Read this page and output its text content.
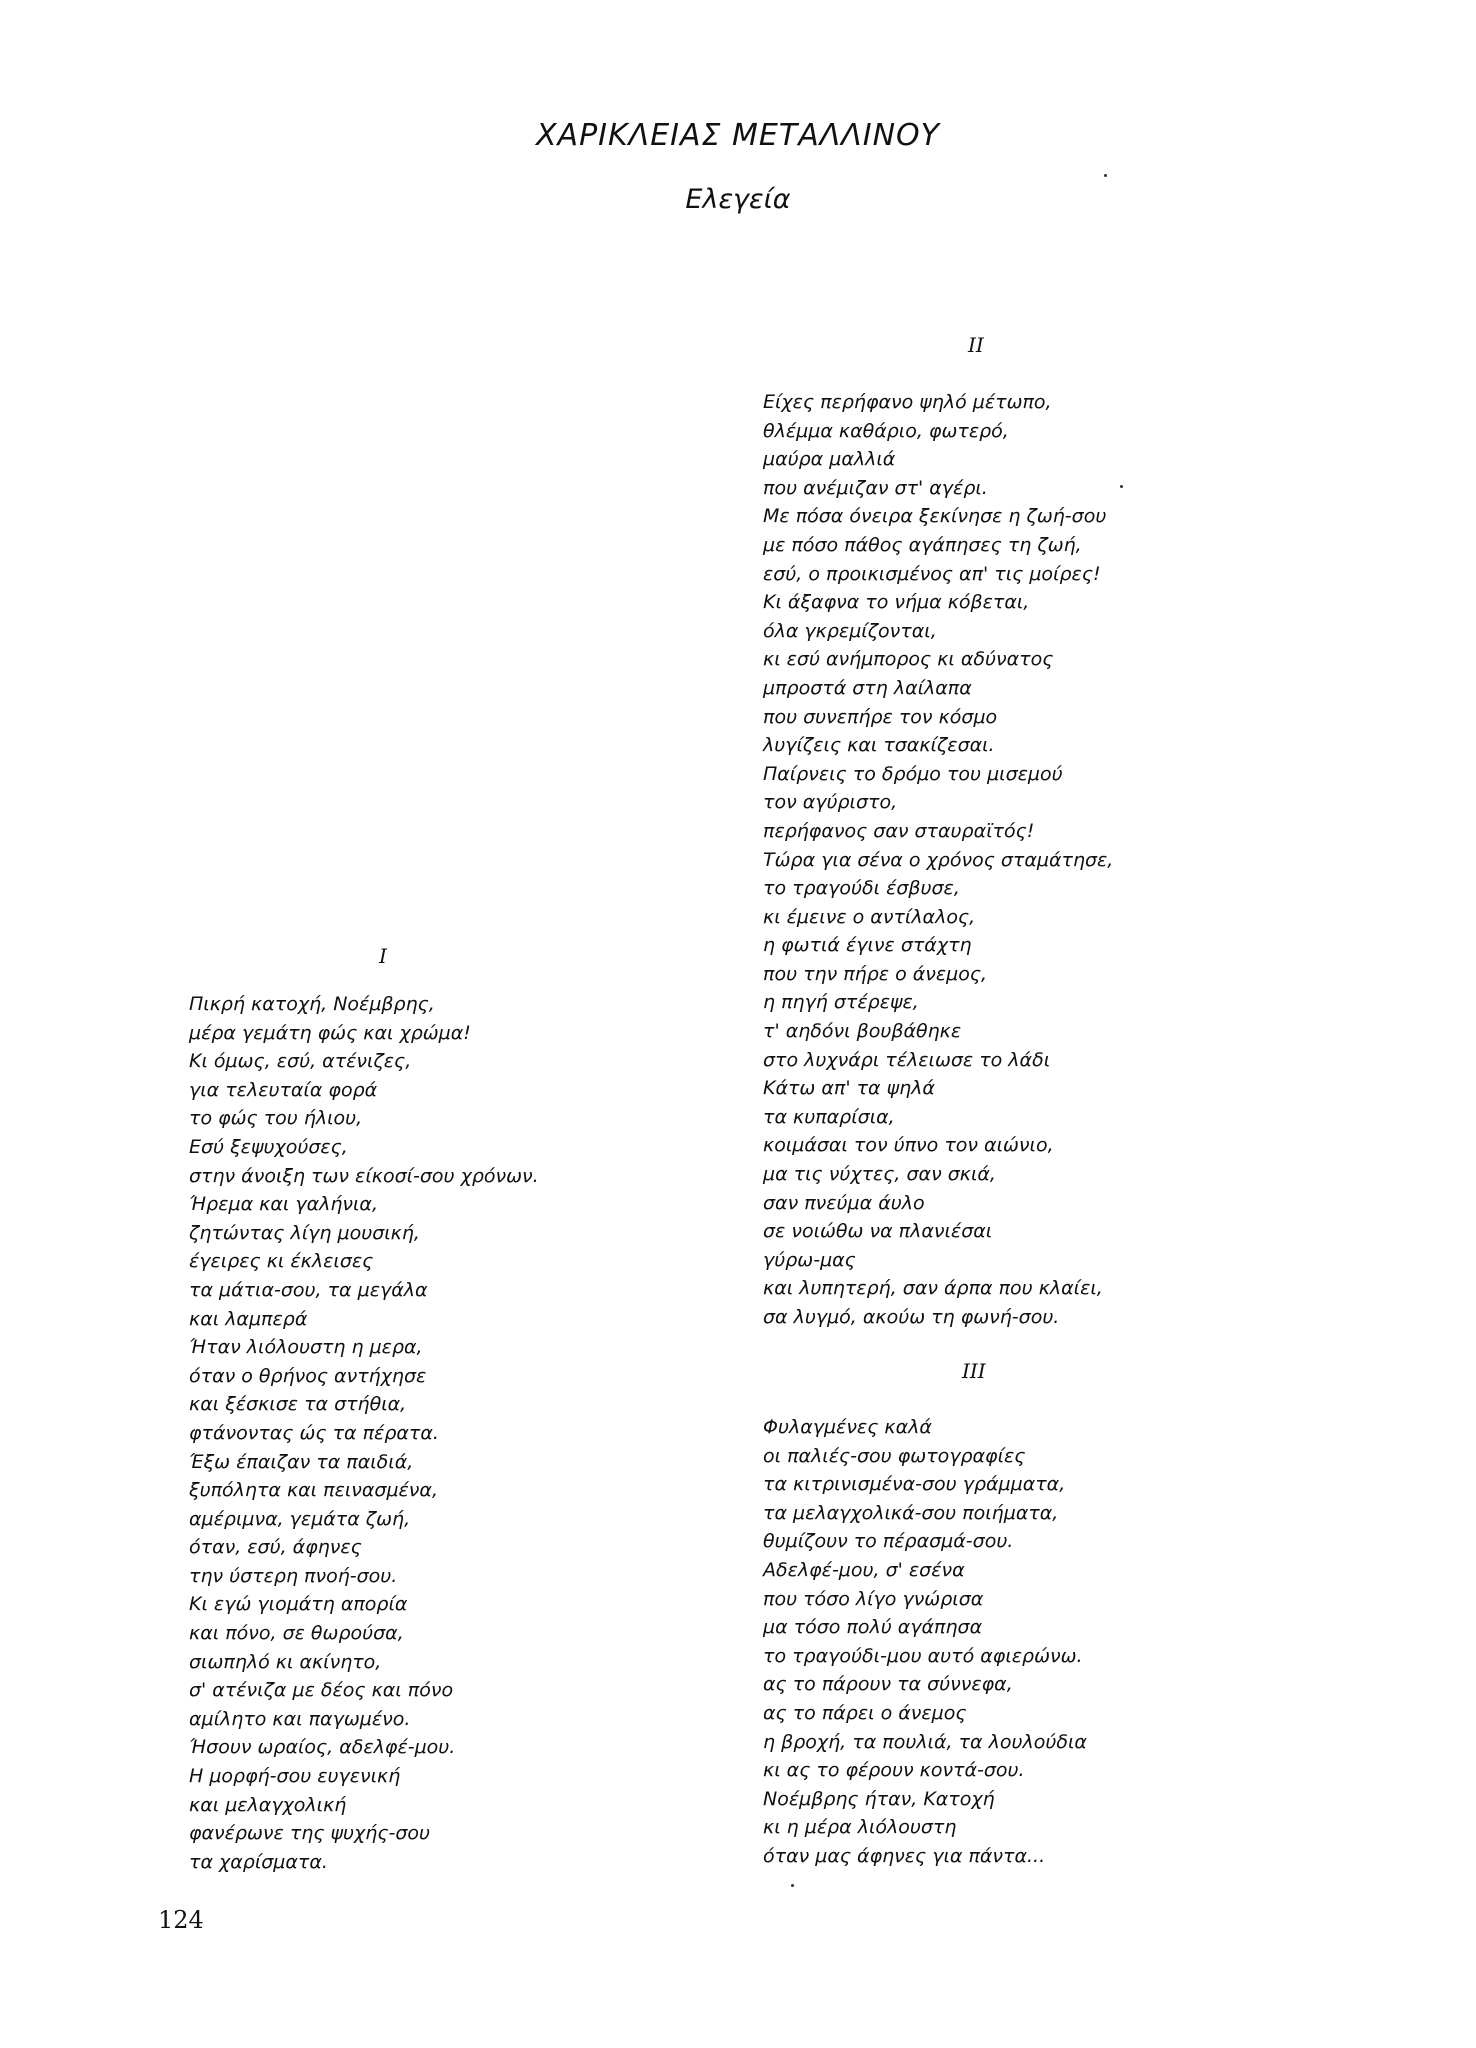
ΧΑΡΙΚΛΕΙΑΣ ΜΕΤΑΛΛΙΝΟΥ
Ελεγεία
I
Πικρή κατοχή, Νοέμβρης,
μέρα γεμάτη φώς και χρώμα!
Κι όμως, εσύ, ατένιζες,
για τελευταία φορά
το φώς του ήλιου,
Εσύ ξεψυχούσες,
στην άνοιξη των είκοσί-σου χρόνων.
Ήρεμα και γαλήνια,
ζητώντας λίγη μουσική,
έγειρες κι έκλεισες
τα μάτια-σου, τα μεγάλα
και λαμπερά
Ήταν λιόλουστη η μερα,
όταν ο θρήνος αντήχησε
και ξέσκισε τα στήθια,
φτάνοντας ώς τα πέρατα.
Έξω έπαιζαν τα παιδιά,
ξυπόλητα και πεινασμένα,
αμέριμνα, γεμάτα ζωή,
όταν, εσύ, άφηνες
την ύστερη πνοή-σου.
Κι εγώ γιομάτη απορία
και πόνο, σε θωρούσα,
σιωπηλό κι ακίνητο,
σ' ατένιζα με δέος και πόνο
αμίλητο και παγωμένο.
Ήσουν ωραίος, αδελφέ-μου.
Η μορφή-σου ευγενική
και μελαγχολική
φανέρωνε της ψυχής-σου
τα χαρίσματα.
II
Είχες περήφανο ψηλό μέτωπο,
θλέμμα καθάριο, φωτερό,
μαύρα μαλλιά
που ανέμιζαν στ' αγέρι.
Με πόσα όνειρα ξεκίνησε η ζωή-σου
με πόσο πάθος αγάπησες τη ζωή,
εσύ, ο προικισμένος απ' τις μοίρες!
Κι άξαφνα το νήμα κόβεται,
όλα γκρεμίζονται,
κι εσύ ανήμπορος κι αδύνατος
μπροστά στη λαίλαπα
που συνεπήρε τον κόσμο
λυγίζεις και τσακίζεσαι.
Παίρνεις το δρόμο του μισεμού
τον αγύριστο,
περήφανος σαν σταυραϊτός!
Τώρα για σένα ο χρόνος σταμάτησε,
το τραγούδι έσβυσε,
κι έμεινε ο αντίλαλος,
η φωτιά έγινε στάχτη
που την πήρε ο άνεμος,
η πηγή στέρεψε,
τ' αηδόνι βουβάθηκε
στο λυχνάρι τέλειωσε το λάδι
Κάτω απ' τα ψηλά
τα κυπαρίσια,
κοιμάσαι τον ύπνο τον αιώνιο,
μα τις νύχτες, σαν σκιά,
σαν πνεύμα άυλο
σε νοιώθω να πλανιέσαι
γύρω-μας
και λυπητερή, σαν άρπα που κλαίει,
σα λυγμό, ακούω τη φωνή-σου.
III
Φυλαγμένες καλά
οι παλιές-σου φωτογραφίες
τα κιτρινισμένα-σου γράμματα,
τα μελαγχολικά-σου ποιήματα,
θυμίζουν το πέρασμά-σου.
Αδελφέ-μου, σ' εσένα
που τόσο λίγο γνώρισα
μα τόσο πολύ αγάπησα
το τραγούδι-μου αυτό αφιερώνω.
ας το πάρουν τα σύννεφα,
ας το πάρει ο άνεμος
η βροχή, τα πουλιά, τα λουλούδια
κι ας το φέρουν κοντά-σου.
Νοέμβρης ήταν, Κατοχή
κι η μέρα λιόλουστη
όταν μας άφηνες για πάντα...
124
